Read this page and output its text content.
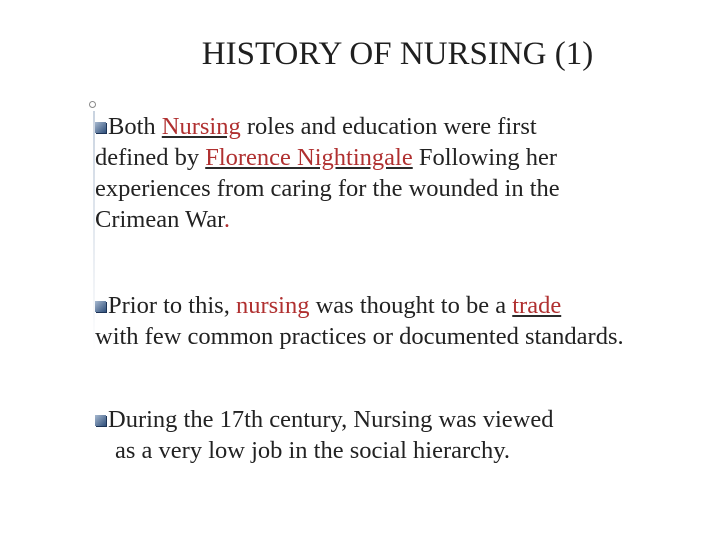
HISTORY OF NURSING (1)
Both Nursing roles and education were first
defined by Florence Nightingale Following her
experiences from caring for the wounded in the
Crimean War.
Prior to this, nursing was thought to be a trade
with few common practices or documented standards.
During the 17th century, Nursing was viewed
as a very low job in the social hierarchy.
